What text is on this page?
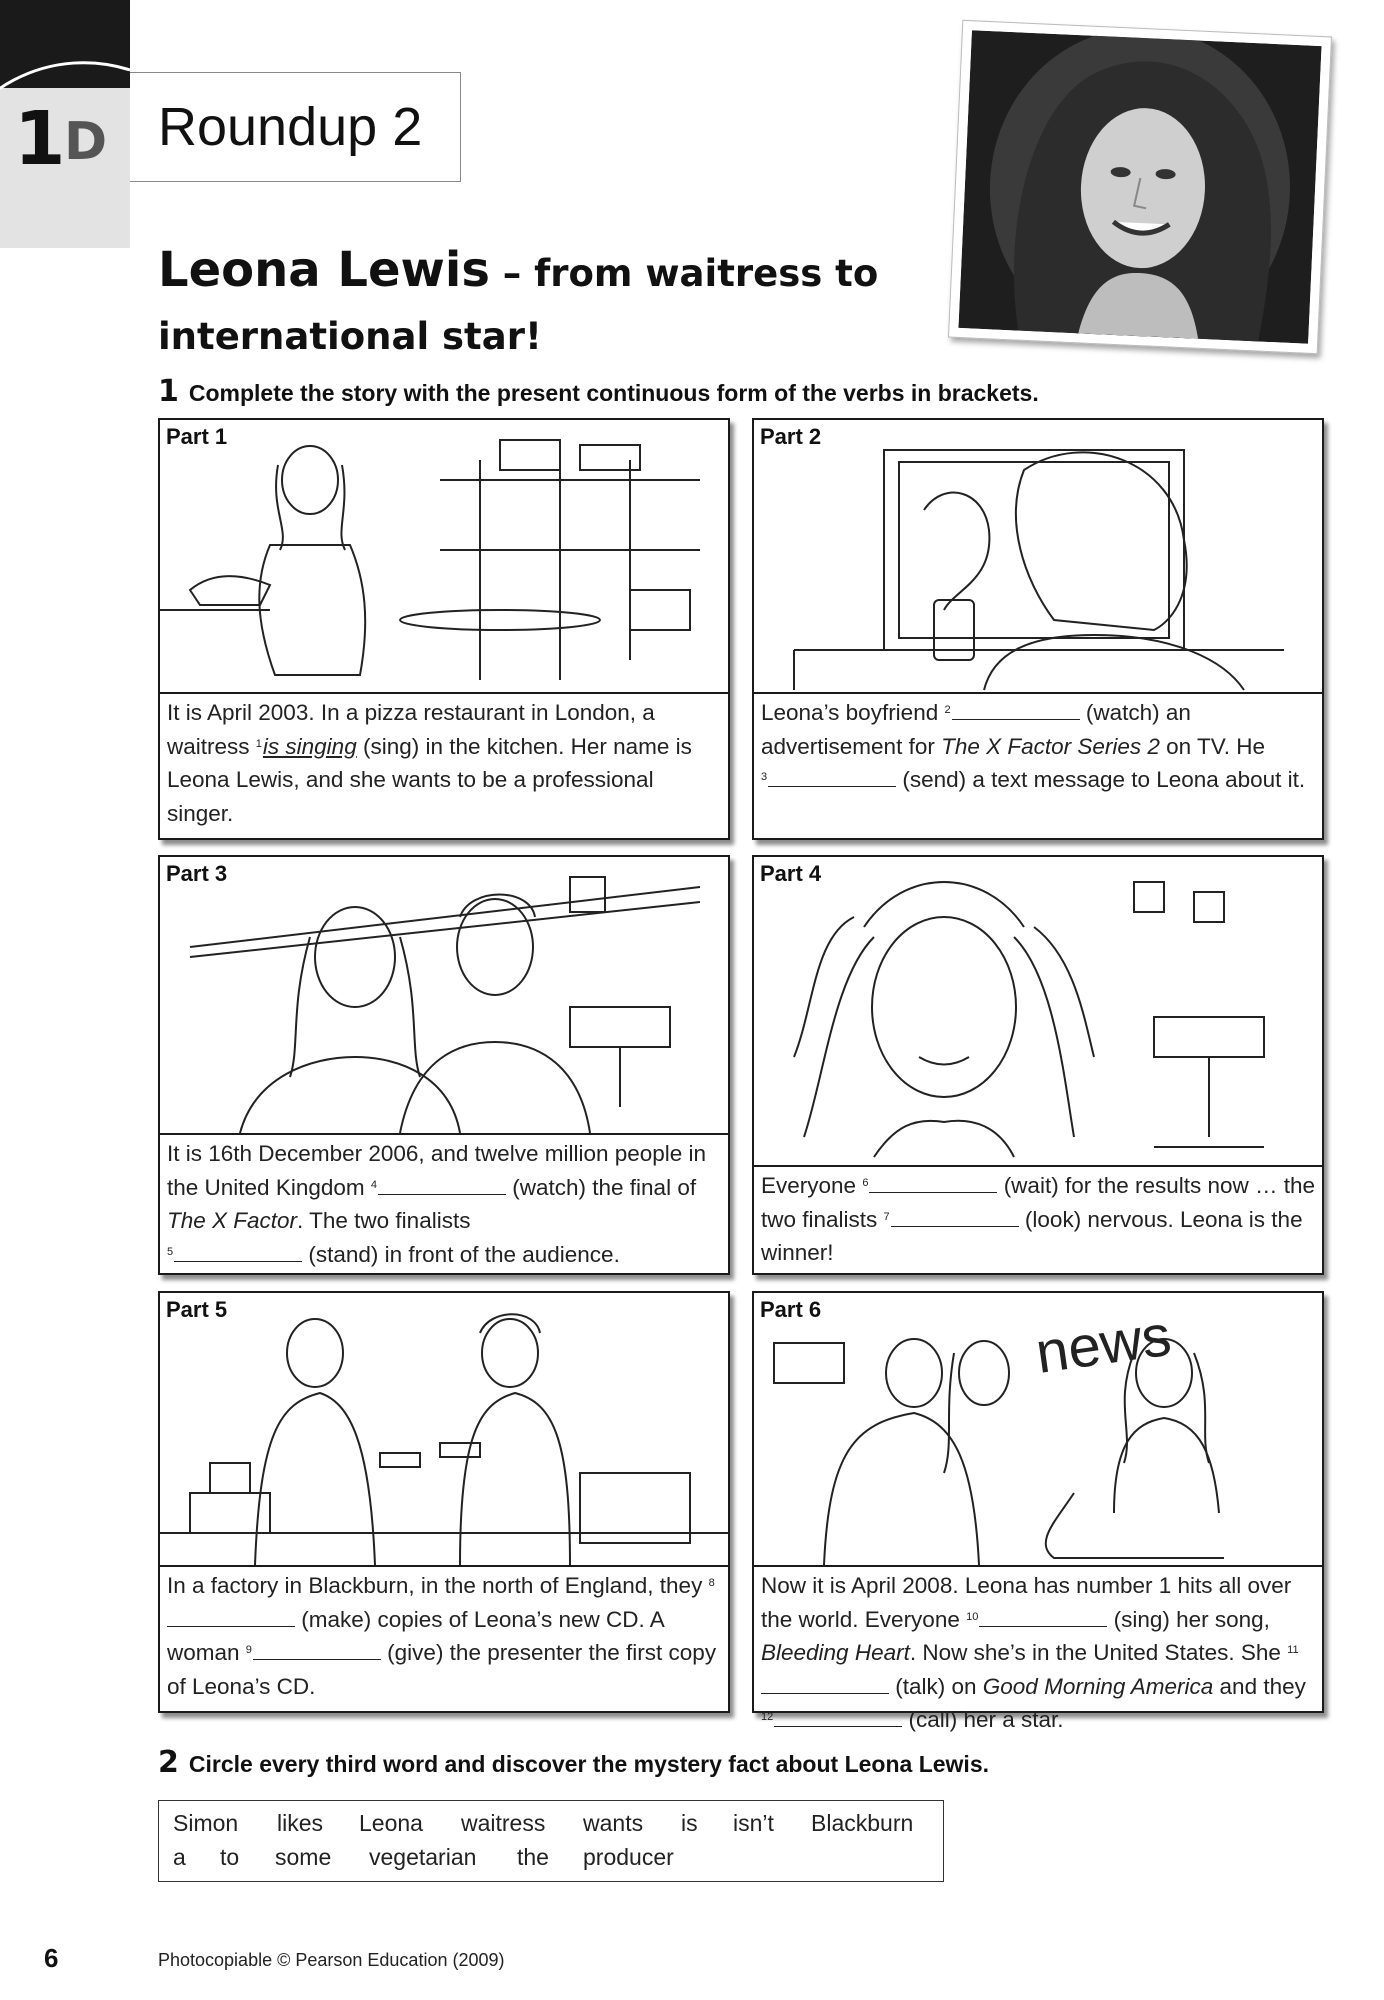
1
D Roundup 2
Leona Lewis – from waitress to
international star!
1 Complete the story with the present continuous form of the verbs in brackets.
Part 1
It is April 2003. In a pizza restaurant in London, a waitress $^1$is singing (sing) in the kitchen. Her name is Leona Lewis, and she wants to be a professional singer.
Part 2
Leona’s boyfriend $^2$	(watch) an advertisement for The X Factor Series 2 on TV. He
$^3$	(send) a text message to Leona about it.
Part 3
It is 16th December 2006, and twelve million people in the United Kingdom $^4$	(watch) the final of The X Factor. The two finalists
$^5$	(stand) in front of the audience.
Part 4
Everyone $^6$	(wait) for the results now … the two finalists $^7$	(look) nervous. Leona is the winner!
Part 5
In a factory in Blackburn, in the north of England, they $^8$ (make) copies of Leona’s new CD. A woman $^9$	(give) the presenter the first copy of Leona’s CD.
Part 6	news
Now it is April 2008. Leona has number 1 hits all over the world. Everyone $^{10}$	(sing) her song, Bleeding Heart. Now she’s in the United States. She $^{11}$ (talk) on Good Morning America and they $^{12}$	(call) her a star.
2 Circle every third word and discover the mystery fact about Leona Lewis.
Simon likes Leona waitress wants is isn’t Blackburn
a to some vegetarian the producer
6	Photocopiable © Pearson Education (2009)
